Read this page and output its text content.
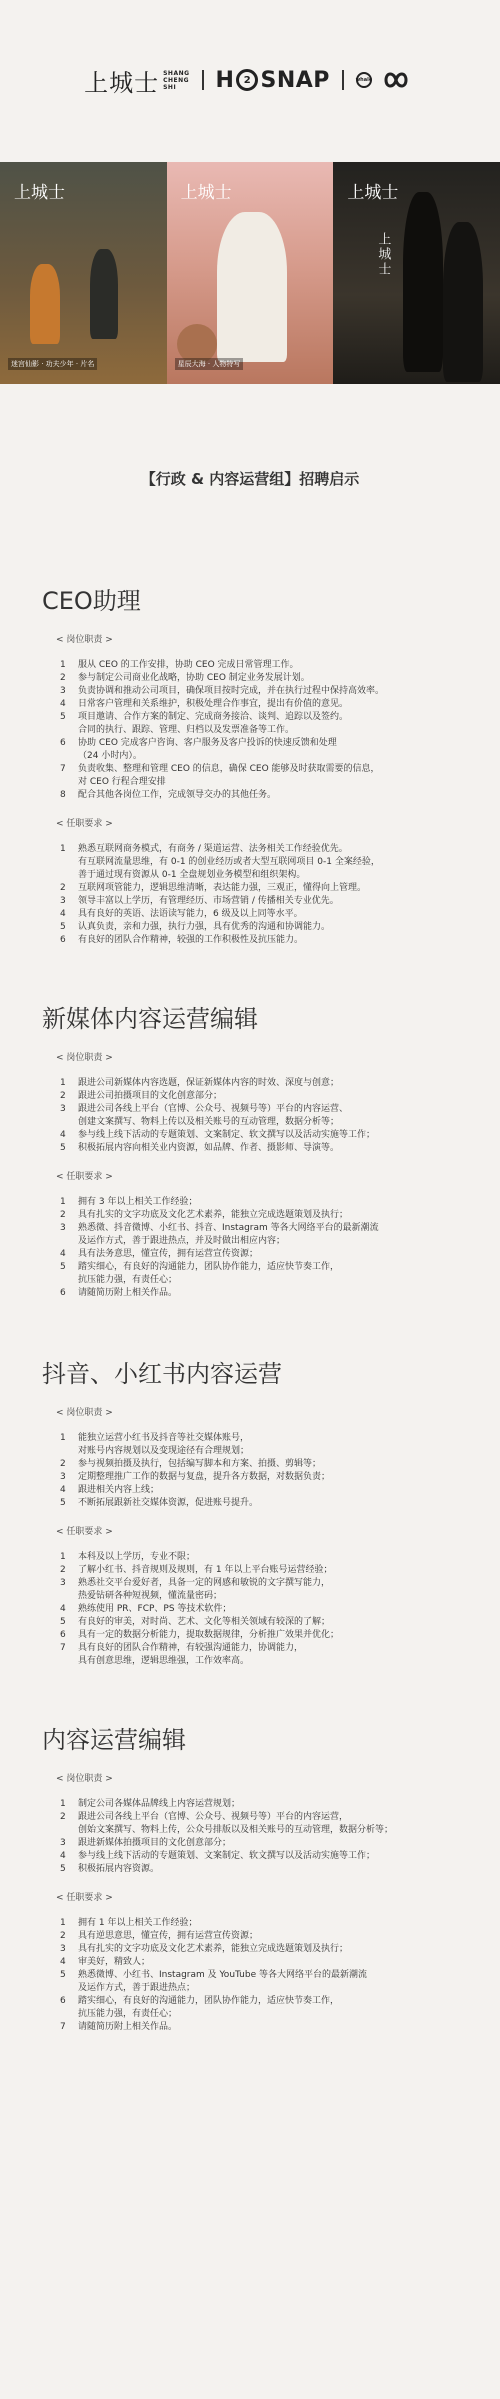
上城士 SHANG
CHENG
SHI	H 2 SNAP	whale
上城士
迷宫仙影 · 功夫少年 · 片名
上城士
星辰大海 · 人物特写
上城士
上城士
【行政 & 内容运营组】招聘启示
CEO助理
< 岗位职责 >
1	服从 CEO 的工作安排，协助 CEO 完成日常管理工作。
2	参与制定公司商业化战略，协助 CEO 制定业务发展计划。
3	负责协调和推动公司项目，确保项目按时完成，并在执行过程中保持高效率。
4	日常客户管理和关系维护，积极处理合作事宜，提出有价值的意见。
5	项目邀请、合作方案的制定、完成商务接洽、谈判、追踪以及签约。
合同的执行、跟踪、管理、归档以及发票准备等工作。
6	协助 CEO 完成客户咨询、客户服务及客户投诉的快速反馈和处理
（24 小时内）。
7	负责收集、整理和管理 CEO 的信息，确保 CEO 能够及时获取需要的信息，
对 CEO 行程合理安排
8	配合其他各岗位工作，完成领导交办的其他任务。
< 任职要求 >
1	熟悉互联网商务模式，有商务 / 渠道运营、法务相关工作经验优先。
有互联网流量思维，有 0-1 的创业经历或者大型互联网项目 0-1 全案经验，
善于通过现有资源从 0-1 全盘规划业务模型和组织架构。
2	互联网项管能力，逻辑思维清晰，表达能力强，三观正，懂得向上管理。
3	领导丰富以上学历，有管理经历、市场营销 / 传播相关专业优先。
4	具有良好的英语、法语读写能力，6 级及以上同等水平。
5	认真负责，亲和力强，执行力强，具有优秀的沟通和协调能力。
6	有良好的团队合作精神，较强的工作积极性及抗压能力。
新媒体内容运营编辑
< 岗位职责 >
1	跟进公司新媒体内容选题，保证新媒体内容的时效、深度与创意；
2	跟进公司拍摄项目的文化创意部分；
3	跟进公司各线上平台（官博、公众号、视频号等）平台的内容运营、
创建文案撰写、物料上传以及相关账号的互动管理，数据分析等；
4	参与线上线下活动的专题策划、文案制定、软文撰写以及活动实施等工作；
5	积极拓展内容向相关业内资源，如品牌、作者、摄影师、导演等。
< 任职要求 >
1	拥有 3 年以上相关工作经验；
2	具有扎实的文字功底及文化艺术素养，能独立完成选题策划及执行；
3	熟悉微、抖音微博、小红书、抖音、Instagram 等各大网络平台的最新潮流
及运作方式，善于跟进热点，并及时做出相应内容；
4	具有法务意思，懂宣传，拥有运营宣传资源；
5	踏实细心，有良好的沟通能力，团队协作能力，适应快节奏工作，
抗压能力强，有责任心；
6	请随简历附上相关作品。
抖音、小红书内容运营
< 岗位职责 >
1	能独立运营小红书及抖音等社交媒体账号，
对账号内容规划以及变现途径有合理规划；
2	参与视频拍摄及执行，包括编写脚本和方案、拍摄、剪辑等；
3	定期整理推广工作的数据与复盘，提升各方数据，对数据负责；
4	跟进相关内容上线；
5	不断拓展跟新社交媒体资源，促进账号提升。
< 任职要求 >
1	本科及以上学历，专业不限；
2	了解小红书、抖音规则及规则，有 1 年以上平台账号运营经验；
3	熟悉社交平台爱好者，具备一定的网感和敏锐的文字撰写能力，
热爱钻研各种短视频，懂流量密码；
4	熟练使用 PR、FCP、PS 等技术软件；
5	有良好的审美，对时尚、艺术、文化等相关领域有较深的了解；
6	具有一定的数据分析能力，提取数据规律，分析推广效果并优化；
7	具有良好的团队合作精神，有较强沟通能力，协调能力，
具有创意思维，逻辑思维强，工作效率高。
内容运营编辑
< 岗位职责 >
1	制定公司各媒体品牌线上内容运营规划；
2	跟进公司各线上平台（官博、公众号、视频号等）平台的内容运营，
创始文案撰写、物料上传，公众号排版以及相关账号的互动管理，数据分析等；
3	跟进新媒体拍摄项目的文化创意部分；
4	参与线上线下活动的专题策划、文案制定、软文撰写以及活动实施等工作；
5	积极拓展内容资源。
< 任职要求 >
1	拥有 1 年以上相关工作经验；
2	具有逆思意思，懂宣传，拥有运营宣传资源；
3	具有扎实的文字功底及文化艺术素养，能独立完成选题策划及执行；
4	审美好，精致人；
5	熟悉微博、小红书、Instagram 及 YouTube 等各大网络平台的最新潮流
及运作方式，善于跟进热点；
6	踏实细心，有良好的沟通能力，团队协作能力，适应快节奏工作，
抗压能力强，有责任心；
7	请随简历附上相关作品。
